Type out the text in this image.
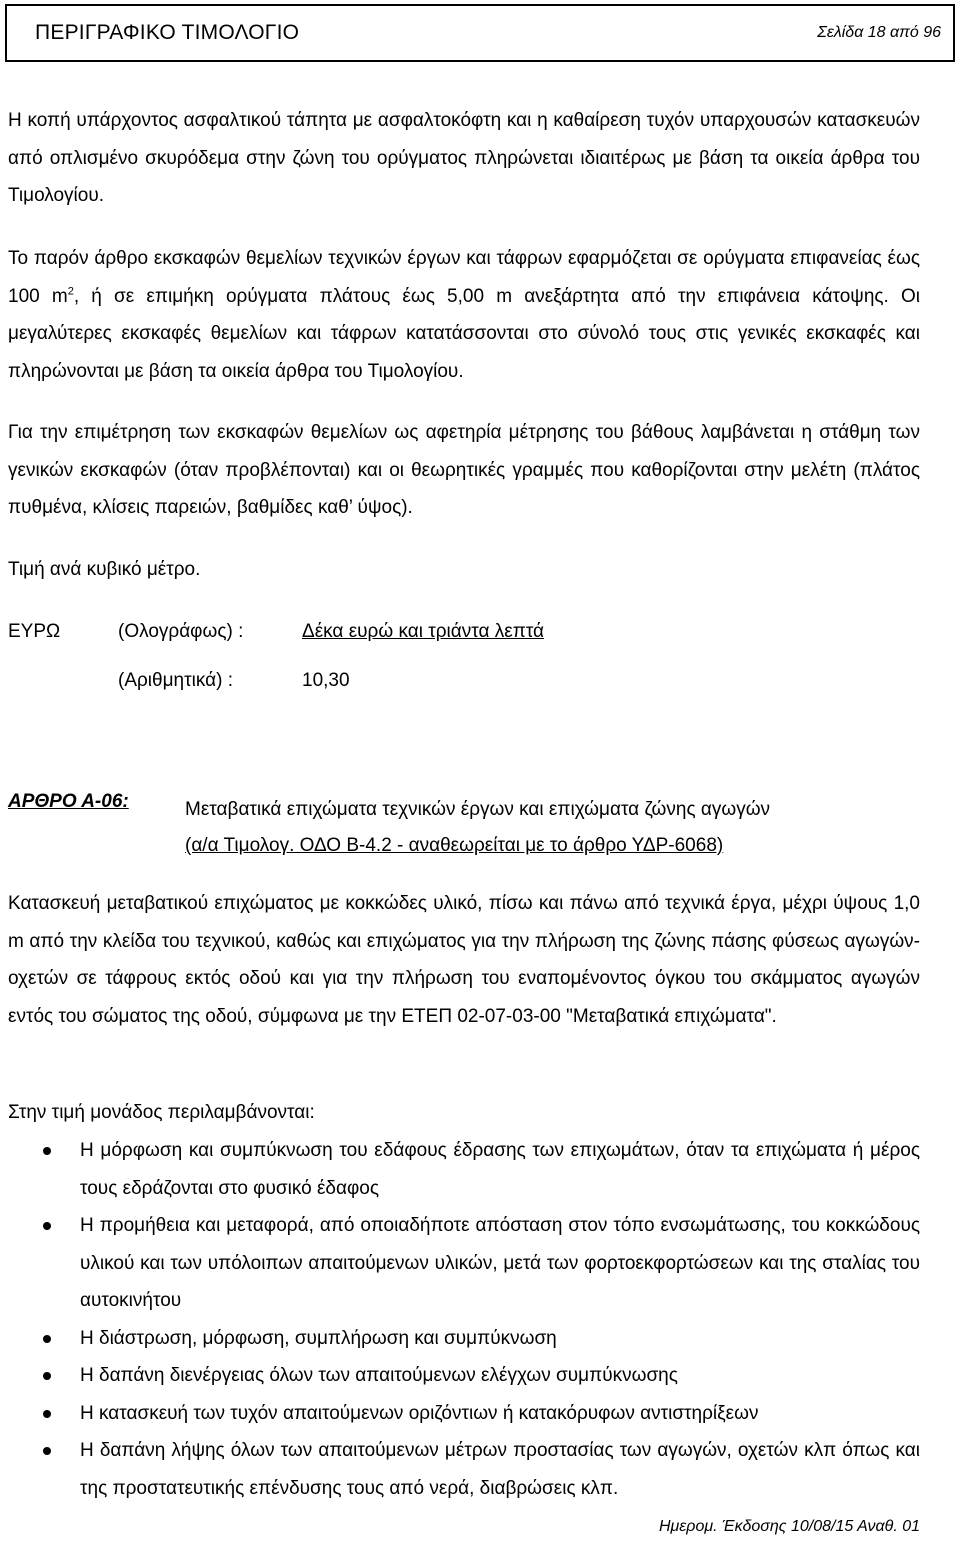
ΠΕΡΙΓΡΑΦΙΚΟ ΤΙΜΟΛΟΓΙΟ	Σελίδα 18 από 96

Η κοπή υπάρχοντος ασφαλτικού τάπητα με ασφαλτοκόφτη και η καθαίρεση τυχόν υπαρχουσών κατασκευών από οπλισμένο σκυρόδεμα στην ζώνη του ορύγματος πληρώνεται ιδιαιτέρως με βάση τα οικεία άρθρα του Τιμολογίου.

Το παρόν άρθρο εκσκαφών θεμελίων τεχνικών έργων και τάφρων εφαρμόζεται σε ορύγματα επιφανείας έως 100 $m^2$, ή σε επιμήκη ορύγματα πλάτους έως 5,00 m ανεξάρτητα από την επιφάνεια κάτοψης. Οι μεγαλύτερες εκσκαφές θεμελίων και τάφρων κατατάσσονται στο σύνολό τους στις γενικές εκσκαφές και πληρώνονται με βάση τα οικεία άρθρα του Τιμολογίου.

Για την επιμέτρηση των εκσκαφών θεμελίων ως αφετηρία μέτρησης του βάθους λαμβάνεται η στάθμη των γενικών εκσκαφών (όταν προβλέπονται) και οι θεωρητικές γραμμές που καθορίζονται στην μελέτη (πλάτος πυθμένα, κλίσεις παρειών, βαθμίδες καθ’ ύψος).

Τιμή ανά κυβικό μέτρο.

ΕΥΡΩ	(Ολογράφως) :	Δέκα ευρώ και τριάντα λεπτά
(Αριθμητικά) :	10,30
ΑΡΘΡΟ Α-06:	Μεταβατικά επιχώματα τεχνικών έργων και επιχώματα ζώνης αγωγών
(α/α Τιμολογ. ΟΔΟ Β-4.2 - αναθεωρείται με το άρθρο ΥΔΡ-6068)

Κατασκευή μεταβατικού επιχώματος με κοκκώδες υλικό, πίσω και πάνω από τεχνικά έργα, μέχρι ύψους 1,0 m από την κλείδα του τεχνικού, καθώς και επιχώματος για την πλήρωση της ζώνης πάσης φύσεως αγωγών-οχετών σε τάφρους εκτός οδού και για την πλήρωση του εναπομένοντος όγκου του σκάμματος αγωγών εντός του σώματος της οδού, σύμφωνα με την ΕΤΕΠ 02-07-03-00 "Μεταβατικά επιχώματα".

Στην τιμή μονάδος περιλαμβάνονται:

Η μόρφωση και συμπύκνωση του εδάφους έδρασης των επιχωμάτων, όταν τα επιχώματα ή μέρος τους εδράζονται στο φυσικό έδαφος
Η προμήθεια και μεταφορά, από οποιαδήποτε απόσταση στον τόπο ενσωμάτωσης, του κοκκώδους υλικού και των υπόλοιπων απαιτούμενων υλικών, μετά των φορτοεκφορτώσεων και της σταλίας του αυτοκινήτου
Η διάστρωση, μόρφωση, συμπλήρωση και συμπύκνωση
Η δαπάνη διενέργειας όλων των απαιτούμενων ελέγχων συμπύκνωσης
Η κατασκευή των τυχόν απαιτούμενων οριζόντιων ή κατακόρυφων αντιστηρίξεων
Η δαπάνη λήψης όλων των απαιτούμενων μέτρων προστασίας των αγωγών, οχετών κλπ όπως και της προστατευτικής επένδυσης τους από νερά, διαβρώσεις κλπ.
Ημερομ. Έκδοσης 10/08/15 Αναθ. 01
